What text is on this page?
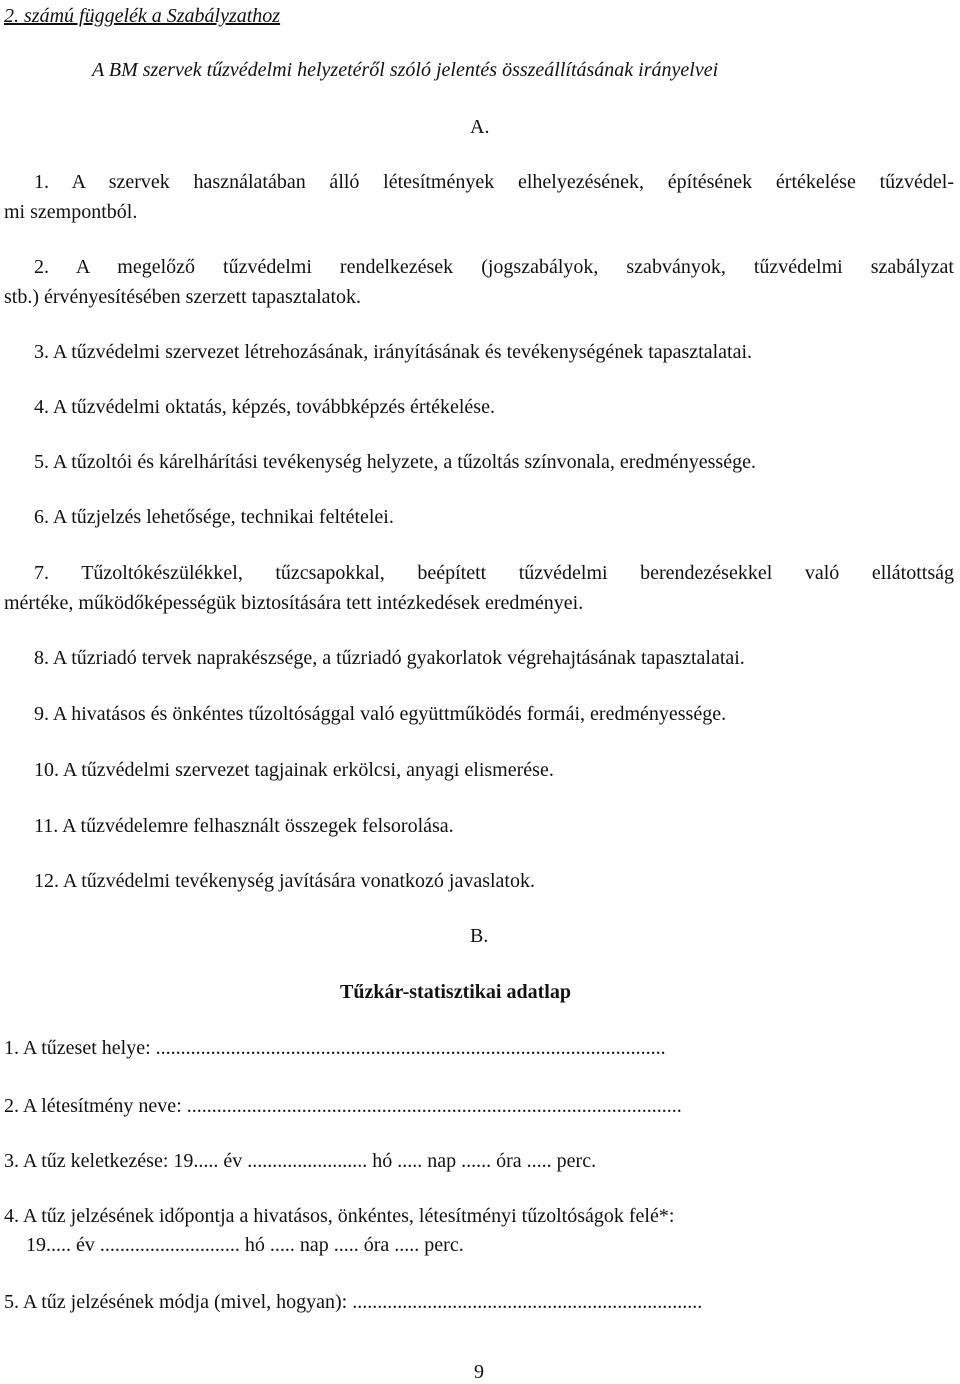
2. számú függelék a Szabályzathoz
A BM szervek tűzvédelmi helyzetéről szóló jelentés összeállításának irányelvei
A.
1. A szervek használatában álló létesítmények elhelyezésének, építésének értékelése tűzvédel-
mi szempontból.
2. A megelőző tűzvédelmi rendelkezések (jogszabályok, szabványok, tűzvédelmi szabályzat
stb.) érvényesítésében szerzett tapasztalatok.
3. A tűzvédelmi szervezet létrehozásának, irányításának és tevékenységének tapasztalatai.
4. A tűzvédelmi oktatás, képzés, továbbképzés értékelése.
5. A tűzoltói és kárelhárítási tevékenység helyzete, a tűzoltás színvonala, eredményessége.
6. A tűzjelzés lehetősége, technikai feltételei.
7. Tűzoltókészülékkel, tűzcsapokkal, beépített tűzvédelmi berendezésekkel való ellátottság
mértéke, működőképességük biztosítására tett intézkedések eredményei.
8. A tűzriadó tervek naprakészsége, a tűzriadó gyakorlatok végrehajtásának tapasztalatai.
9. A hivatásos és önkéntes tűzoltósággal való együttműködés formái, eredményessége.
10. A tűzvédelmi szervezet tagjainak erkölcsi, anyagi elismerése.
11. A tűzvédelemre felhasznált összegek felsorolása.
12. A tűzvédelmi tevékenység javítására vonatkozó javaslatok.
B.
Tűzkár-statisztikai adatlap
1. A tűzeset helye: ......................................................................................................
2. A létesítmény neve: ...................................................................................................
3. A tűz keletkezése: 19..... év ........................ hó ..... nap ...... óra ..... perc.
4. A tűz jelzésének időpontja a hivatásos, önkéntes, létesítményi tűzoltóságok felé*:
19..... év ............................ hó ..... nap ..... óra ..... perc.
5. A tűz jelzésének módja (mivel, hogyan): ......................................................................
9
